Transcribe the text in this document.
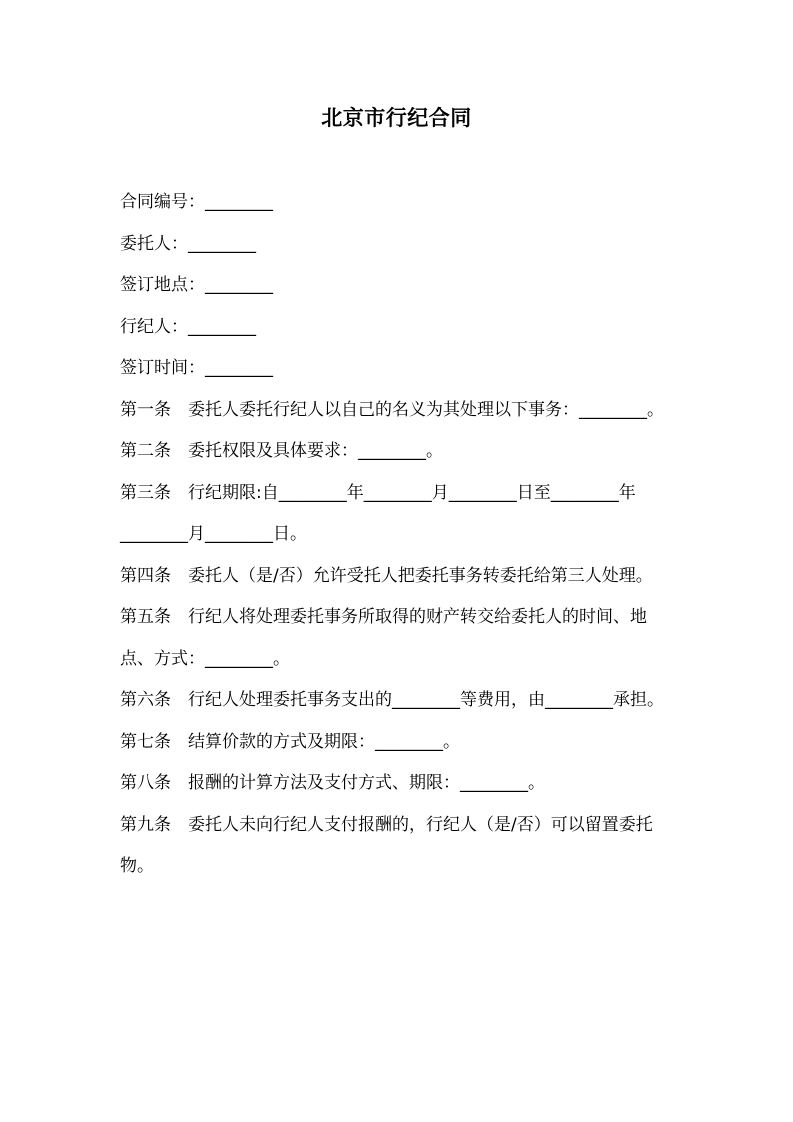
北京市行纪合同
合同编号：________
委托人：________
签订地点：________
行纪人：________
签订时间：________
第一条　委托人委托行纪人以自己的名义为其处理以下事务：________。
第二条　委托权限及具体要求：________。
第三条　行纪期限:自________年________月________日至________年________月________日。
第四条　委托人（是/否）允许受托人把委托事务转委托给第三人处理。
第五条　行纪人将处理委托事务所取得的财产转交给委托人的时间、地点、方式：________。
第六条　行纪人处理委托事务支出的________等费用，由________承担。
第七条　结算价款的方式及期限：________。
第八条　报酬的计算方法及支付方式、期限：________。
第九条　委托人未向行纪人支付报酬的，行纪人（是/否）可以留置委托物。
